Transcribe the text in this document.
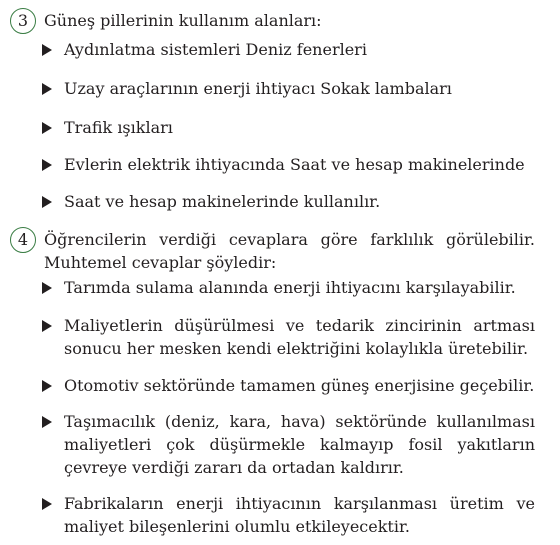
3 Güneş pillerinin kullanım alanları:
Aydınlatma sistemleri Deniz fenerleri
Uzay araçlarının enerji ihtiyacı Sokak lambaları
Trafik ışıkları
Evlerin elektrik ihtiyacında Saat ve hesap makinelerinde
Saat ve hesap makinelerinde kullanılır.
4 Öğrencilerin verdiği cevaplara göre farklılık görülebilir. Muhtemel cevaplar şöyledir:
Tarımda sulama alanında enerji ihtiyacını karşılayabilir.
Maliyetlerin düşürülmesi ve tedarik zincirinin artması sonucu her mesken kendi elektriğini kolaylıkla üretebilir.
Otomotiv sektöründe tamamen güneş enerjisine geçebilir.
Taşımacılık (deniz, kara, hava) sektöründe kullanılması maliyetleri çok düşürmekle kalmayıp fosil yakıtların çevreye verdiği zararı da ortadan kaldırır.
Fabrikaların enerji ihtiyacının karşılanması üretim ve maliyet bileşenlerini olumlu etkileyecektir.
